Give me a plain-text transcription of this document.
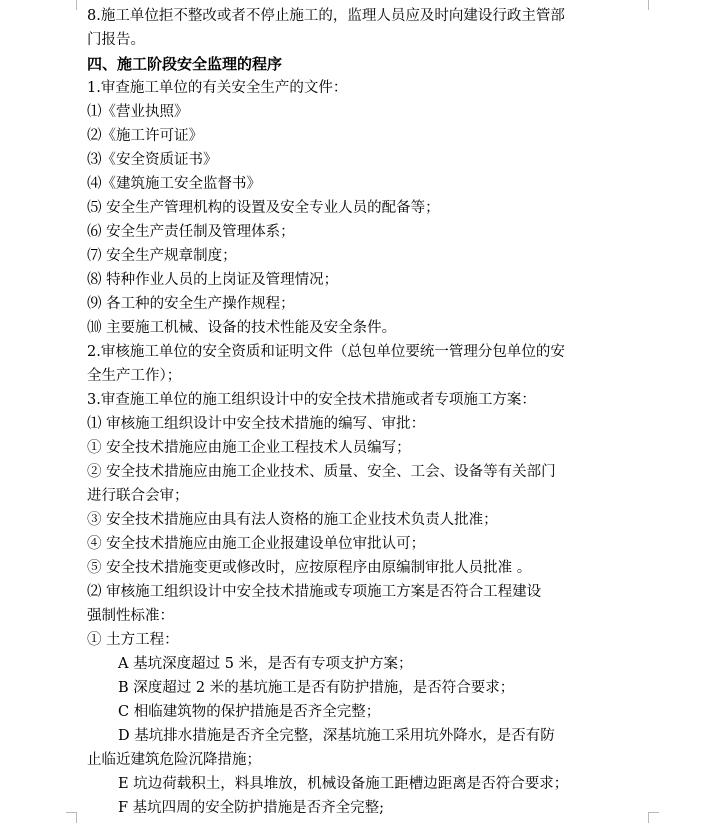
8.施工单位拒不整改或者不停止施工的，监理人员应及时向建设行政主管部
门报告。
四、施工阶段安全监理的程序
1.审查施工单位的有关安全生产的文件：
⑴《营业执照》
⑵《施工许可证》
⑶《安全资质证书》
⑷《建筑施工安全监督书》
⑸ 安全生产管理机构的设置及安全专业人员的配备等；
⑹ 安全生产责任制及管理体系；
⑺ 安全生产规章制度；
⑻ 特种作业人员的上岗证及管理情况；
⑼ 各工种的安全生产操作规程；
⑽ 主要施工机械、设备的技术性能及安全条件。
2.审核施工单位的安全资质和证明文件（总包单位要统一管理分包单位的安
全生产工作）；
3.审查施工单位的施工组织设计中的安全技术措施或者专项施工方案：
⑴ 审核施工组织设计中安全技术措施的编写、审批：
① 安全技术措施应由施工企业工程技术人员编写；
② 安全技术措施应由施工企业技术、质量、安全、工会、设备等有关部门
进行联合会审；
③ 安全技术措施应由具有法人资格的施工企业技术负责人批准；
④ 安全技术措施应由施工企业报建设单位审批认可；
⑤ 安全技术措施变更或修改时，应按原程序由原编制审批人员批准 。
⑵ 审核施工组织设计中安全技术措施或专项施工方案是否符合工程建设
强制性标准：
① 土方工程：
A 基坑深度超过 5 米，是否有专项支护方案；
B 深度超过 2 米的基坑施工是否有防护措施，是否符合要求；
C 相临建筑物的保护措施是否齐全完整；
D 基坑排水措施是否齐全完整，深基坑施工采用坑外降水，是否有防
止临近建筑危险沉降措施；
E 坑边荷载积土，料具堆放，机械设备施工距槽边距离是否符合要求；
F 基坑四周的安全防护措施是否齐全完整;
